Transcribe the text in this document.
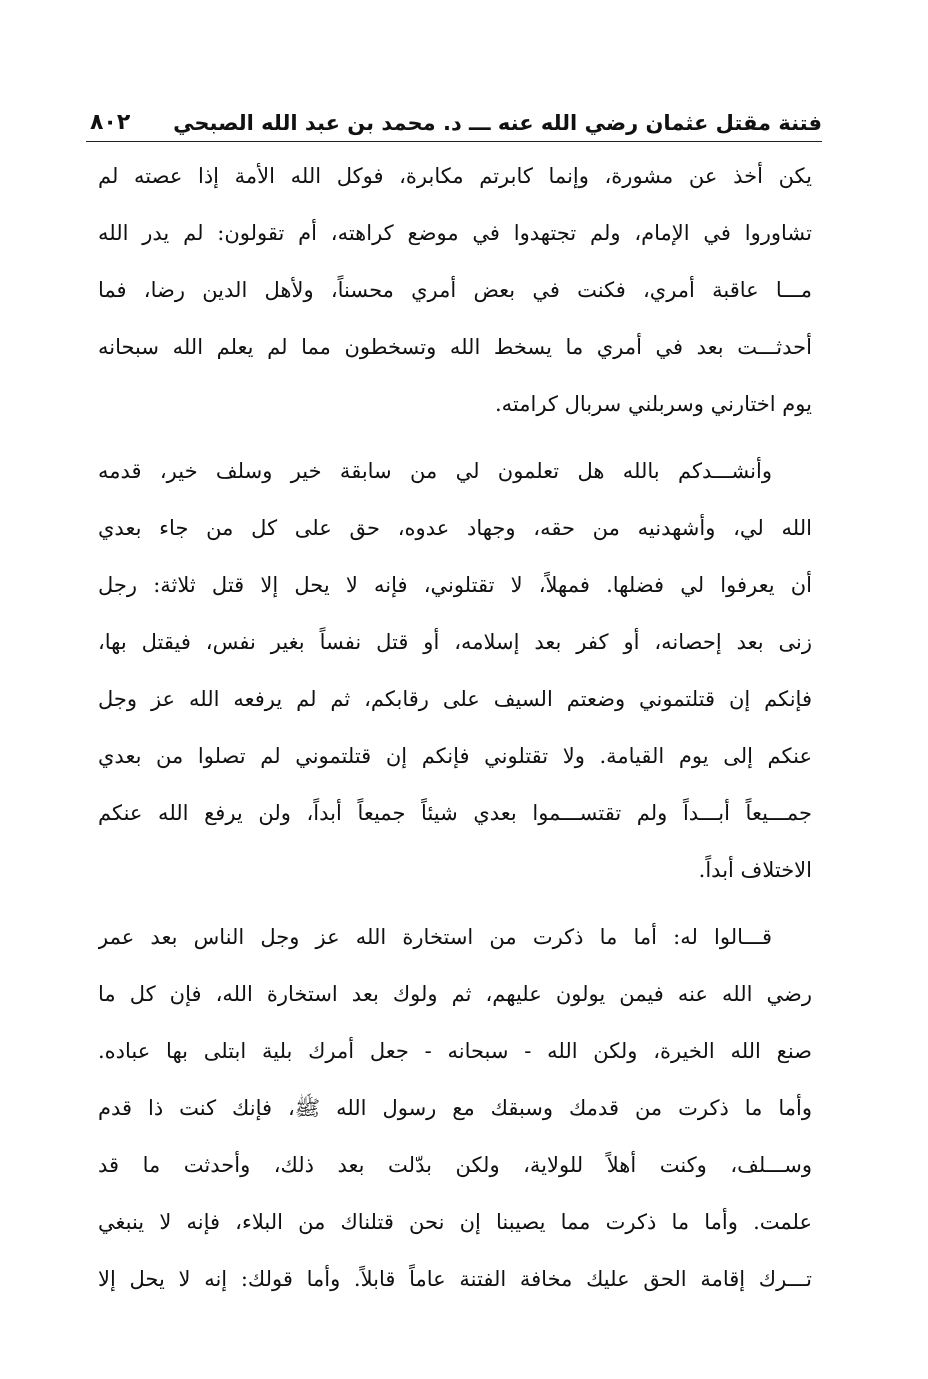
فتنة مقتل عثمان رضي الله عنه ـــ د. محمد بن عبد الله الصبحي
٨٠٢
يكن أخذ عن مشورة، وإنما كابرتم مكابرة، فوكل الله الأمة إذا عصته لم
تشاوروا في الإمام، ولم تجتهدوا في موضع كراهته، أم تقولون: لم يدر الله
مـــا عاقبة أمري، فكنت في بعض أمري محسناً، ولأهل الدين رضا، فما
أحدثـــت بعد في أمري ما يسخط الله وتسخطون مما لم يعلم الله سبحانه
يوم اختارني وسربلني سربال كرامته.
وأنشـــدكم بالله هل تعلمون لي من سابقة خير وسلف خير، قدمه
الله لي، وأشهدنيه من حقه، وجهاد عدوه، حق على كل من جاء بعدي
أن يعرفوا لي فضلها. فمهلاً، لا تقتلوني، فإنه لا يحل إلا قتل ثلاثة: رجل
زنى بعد إحصانه، أو كفر بعد إسلامه، أو قتل نفساً بغير نفس، فيقتل بها،
فإنكم إن قتلتموني وضعتم السيف على رقابكم، ثم لم يرفعه الله عز وجل
عنكم إلى يوم القيامة. ولا تقتلوني فإنكم إن قتلتموني لم تصلوا من بعدي
جمـــيعاً أبـــداً ولم تقتســـموا بعدي شيئاً جميعاً أبداً، ولن يرفع الله عنكم
الاختلاف أبداً.
قـــالوا له: أما ما ذكرت من استخارة الله عز وجل الناس بعد عمر
رضي الله عنه فيمن يولون عليهم، ثم ولوك بعد استخارة الله، فإن كل ما
صنع الله الخيرة، ولكن الله - سبحانه - جعل أمرك بلية ابتلى بها عباده.
وأما ما ذكرت من قدمك وسبقك مع رسول الله ﷺ، فإنك كنت ذا قدم
وســـلف، وكنت أهلاً للولاية، ولكن بدّلت بعد ذلك، وأحدثت ما قد
علمت. وأما ما ذكرت مما يصيبنا إن نحن قتلناك من البلاء، فإنه لا ينبغي
تـــرك إقامة الحق عليك مخافة الفتنة عاماً قابلاً. وأما قولك: إنه لا يحل إلا
